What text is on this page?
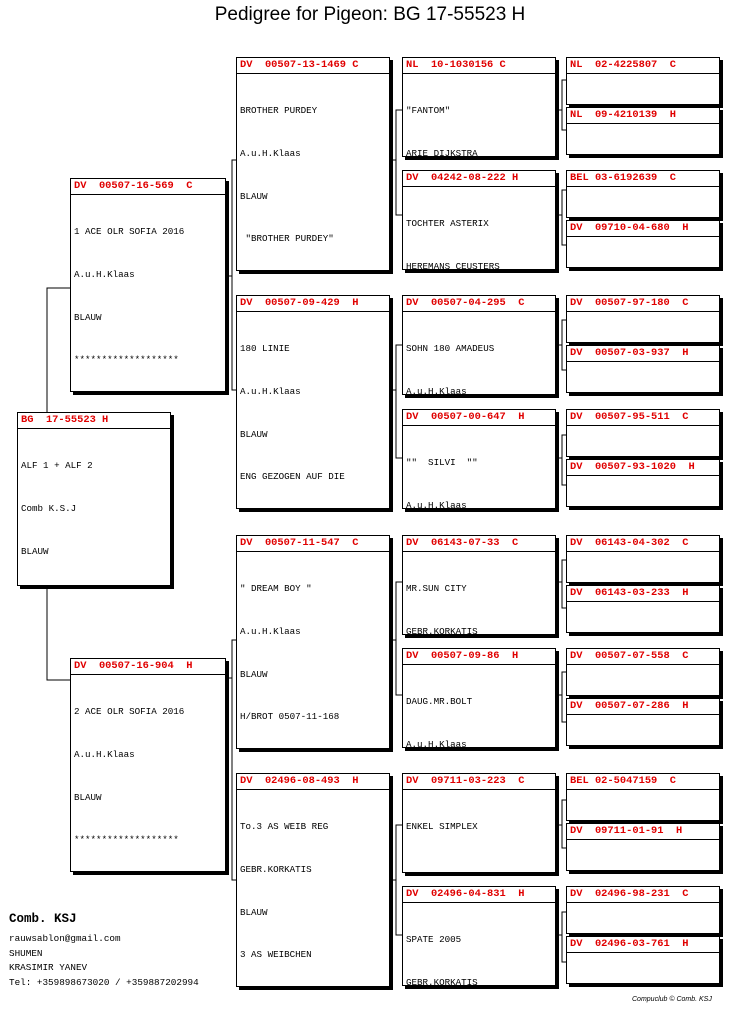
Pedigree for Pigeon: BG 17-55523 H
BG  17-55523 H

ALF 1 + ALF 2

Comb K.S.J

BLAUW

DV  00507-16-569  C

1 ACE OLR SOFIA 2016

A.u.H.Klaas

BLAUW

*******************

DV  00507-16-904  H

2 ACE OLR SOFIA 2016

A.u.H.Klaas

BLAUW

*******************

DV  00507-13-1469 C

BROTHER PURDEY

A.u.H.Klaas

BLAUW

"BROTHER PURDEY"

DV  00507-09-429  H

180 LINIE

A.u.H.Klaas

BLAUW

ENG GEZOGEN AUF DIE

DV  00507-11-547  C

" DREAM BOY "

A.u.H.Klaas

BLAUW

H/BROT 0507-11-168

DV  02496-08-493  H

To.3 AS WEIB REG

GEBR.KORKATIS

BLAUW

3 AS WEIBCHEN

NL  10-1030156 C

"FANTOM"

ARIE DIJKSTRA

DV  04242-08-222 H

TOCHTER ASTERIX

HEREMANS CEUSTERS

DV  00507-04-295  C

SOHN 180 AMADEUS

A.u.H.Klaas

DV  00507-00-647  H

""  SILVI  ""

A.u.H.Klaas

DV  06143-07-33  C

MR.SUN CITY

GEBR.KORKATIS

DV  00507-09-86  H

DAUG.MR.BOLT

A.u.H.Klaas

DV  09711-03-223  C

ENKEL SIMPLEX

DV  02496-04-831  H

SPATE 2005

GEBR.KORKATIS

NL  02-4225807  C

NL  09-4210139  H

BEL 03-6192639  C

DV  09710-04-680  H

DV  00507-97-180  C

DV  00507-03-937  H

DV  00507-95-511  C

DV  00507-93-1020  H

DV  06143-04-302  C

DV  06143-03-233  H

DV  00507-07-558  C

DV  00507-07-286  H

BEL 02-5047159  C

DV  09711-01-91  H

DV  02496-98-231  C

DV  02496-03-761  H

Comb. KSJ
rauwsablon@gmail.com
SHUMEN
KRASIMIR YANEV
Tel: +359898673020 / +359887202994
Compuclub © Comb. KSJ
